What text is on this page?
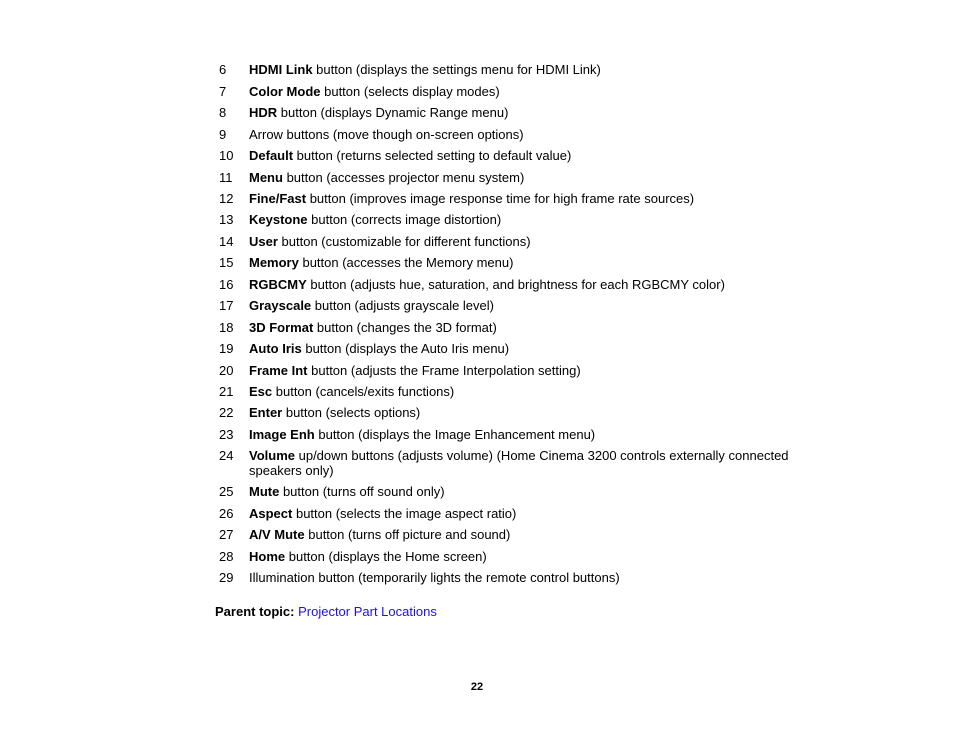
6	HDMI Link button (displays the settings menu for HDMI Link)
7	Color Mode button (selects display modes)
8	HDR button (displays Dynamic Range menu)
9	Arrow buttons (move though on-screen options)
10	Default button (returns selected setting to default value)
11	Menu button (accesses projector menu system)
12	Fine/Fast button (improves image response time for high frame rate sources)
13	Keystone button (corrects image distortion)
14	User button (customizable for different functions)
15	Memory button (accesses the Memory menu)
16	RGBCMY button (adjusts hue, saturation, and brightness for each RGBCMY color)
17	Grayscale button (adjusts grayscale level)
18	3D Format button (changes the 3D format)
19	Auto Iris button (displays the Auto Iris menu)
20	Frame Int button (adjusts the Frame Interpolation setting)
21	Esc button (cancels/exits functions)
22	Enter button (selects options)
23	Image Enh button (displays the Image Enhancement menu)
24	Volume up/down buttons (adjusts volume) (Home Cinema 3200 controls externally connected speakers only)
25	Mute button (turns off sound only)
26	Aspect button (selects the image aspect ratio)
27	A/V Mute button (turns off picture and sound)
28	Home button (displays the Home screen)
29	Illumination button (temporarily lights the remote control buttons)
Parent topic: Projector Part Locations
22
